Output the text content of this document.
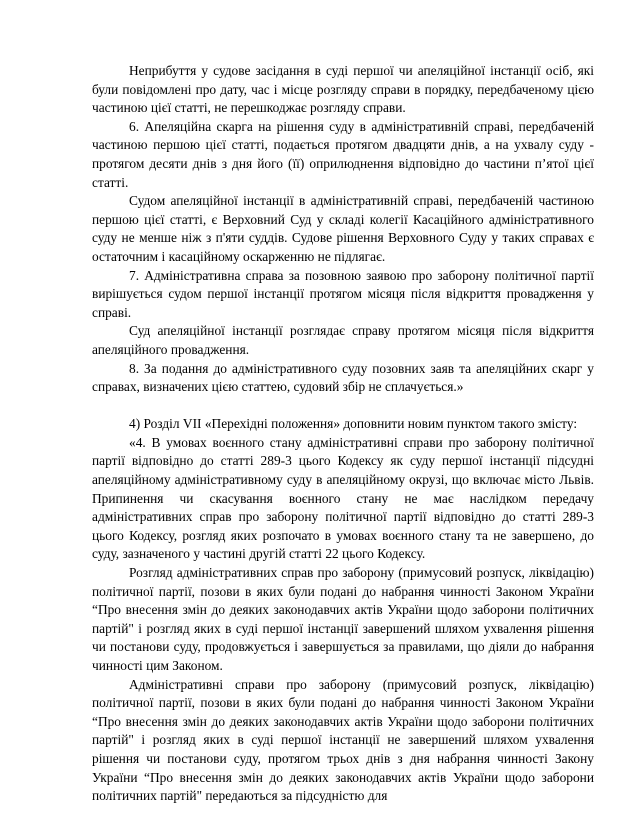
Неприбуття у судове засідання в суді першої чи апеляційної інстанції осіб, які були повідомлені про дату, час і місце розгляду справи в порядку, передбаченому цією частиною цієї статті, не перешкоджає розгляду справи.

6. Апеляційна скарга на рішення суду в адміністративній справі, передбаченій частиною першою цієї статті, подається протягом двадцяти днів, а на ухвалу суду - протягом десяти днів з дня його (її) оприлюднення відповідно до частини п’ятої цієї статті.

Судом апеляційної інстанції в адміністративній справі, передбаченій частиною першою цієї статті, є Верховний Суд у складі колегії Касаційного адміністративного суду не менше ніж з п'яти суддів. Судове рішення Верховного Суду у таких справах є остаточним і касаційному оскарженню не підлягає.

7. Адміністративна справа за позовною заявою про заборону політичної партії вирішується судом першої інстанції протягом місяця після відкриття провадження у справі.

Суд апеляційної інстанції розглядає справу протягом місяця після відкриття апеляційного провадження.

8. За подання до адміністративного суду позовних заяв та апеляційних скарг у справах, визначених цією статтею, судовий збір не сплачується.»

4) Розділ VII «Перехідні положення» доповнити новим пунктом такого змісту:

«4. В умовах воєнного стану адміністративні справи про заборону політичної партії відповідно до статті 289-3 цього Кодексу як суду першої інстанції підсудні апеляційному адміністративному суду в апеляційному окрузі, що включає місто Львів. Припинення чи скасування воєнного стану не має наслідком передачу адміністративних справ про заборону політичної партії відповідно до статті 289-3 цього Кодексу, розгляд яких розпочато в умовах воєнного стану та не завершено, до суду, зазначеного у частині другій статті 22 цього Кодексу.

Розгляд адміністративних справ про заборону (примусовий розпуск, ліквідацію) політичної партії, позови в яких були подані до набрання чинності Законом України “Про внесення змін до деяких законодавчих актів України щодо заборони політичних партій" і розгляд яких в суді першої інстанції завершений шляхом ухвалення рішення чи постанови суду, продовжується і завершується за правилами, що діяли до набрання чинності цим Законом.

Адміністративні справи про заборону (примусовий розпуск, ліквідацію) політичної партії, позови в яких були подані до набрання чинності Законом України “Про внесення змін до деяких законодавчих актів України щодо заборони політичних партій" і розгляд яких в суді першої інстанції не завершений шляхом ухвалення рішення чи постанови суду, протягом трьох днів з дня набрання чинності Закону України “Про внесення змін до деяких законодавчих актів України щодо заборони політичних партій" передаються за підсудністю для
